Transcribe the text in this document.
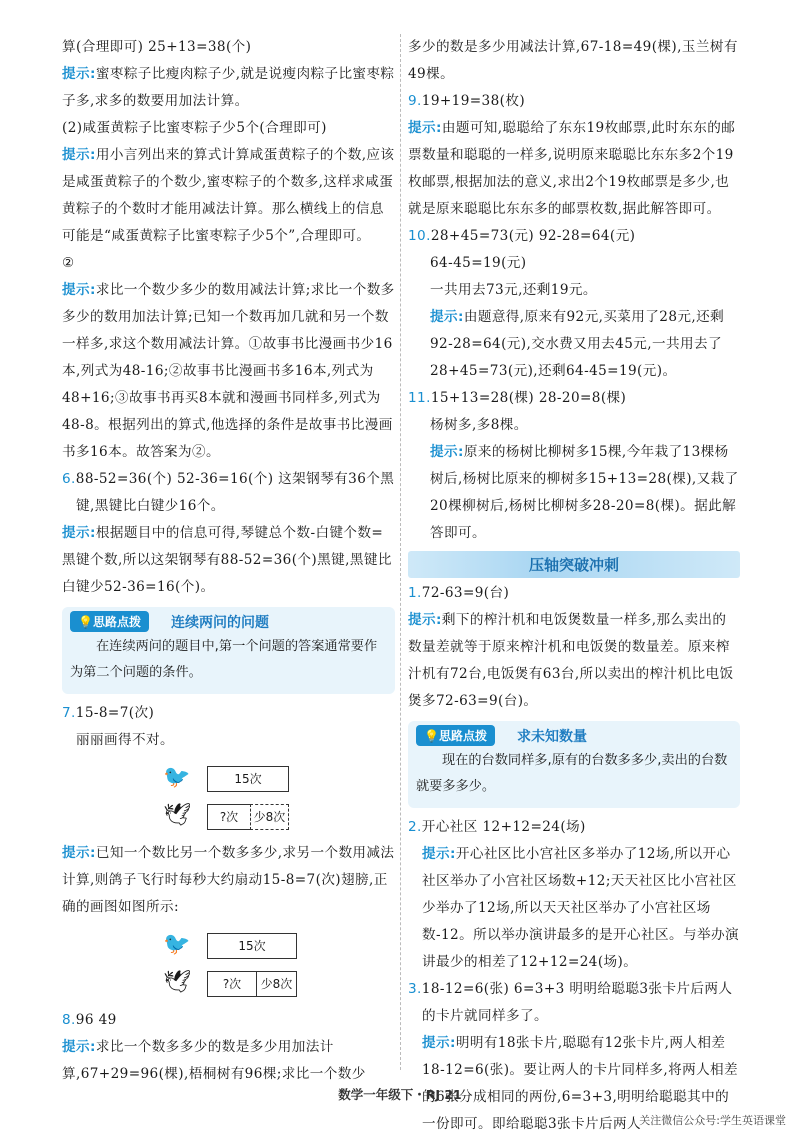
算(合理即可) 25+13=38(个)

提示:蜜枣粽子比瘦肉粽子少,就是说瘦肉粽子比蜜枣粽子多,求多的数要用加法计算。

(2)咸蛋黄粽子比蜜枣粽子少5个(合理即可)

提示:用小言列出来的算式计算咸蛋黄粽子的个数,应该是咸蛋黄粽子的个数少,蜜枣粽子的个数多,这样求咸蛋黄粽子的个数时才能用减法计算。那么横线上的信息可能是“咸蛋黄粽子比蜜枣粽子少5个”,合理即可。

②

提示:求比一个数少多少的数用减法计算;求比一个数多多少的数用加法计算;已知一个数再加几就和另一个数一样多,求这个数用减法计算。①故事书比漫画书少16本,列式为48-16;②故事书比漫画书多16本,列式为48+16;③故事书再买8本就和漫画书同样多,列式为48-8。根据列出的算式,他选择的条件是故事书比漫画书多16本。故答案为②。

6.88-52=36(个) 52-36=16(个) 这架钢琴有36个黑键,黑键比白键少16个。

提示:根据题目中的信息可得,琴键总个数-白键个数=黑键个数,所以这架钢琴有88-52=36(个)黑键,黑键比白键少52-36=16(个)。

💡思路点拨	连续两问的问题

在连续两问的题目中,第一个问题的答案通常要作为第二个问题的条件。

7.15-8=7(次)

丽丽画得不对。

🐦	15次
🕊	?次	少8次

提示:已知一个数比另一个数多多少,求另一个数用减法计算,则鸽子飞行时每秒大约扇动15-8=7(次)翅膀,正确的画图如图所示:

🐦	15次
🕊	?次	少8次

8.96 49

提示:求比一个数多多少的数是多少用加法计算,67+29=96(棵),梧桐树有96棵;求比一个数少

多少的数是多少用减法计算,67-18=49(棵),玉兰树有49棵。

9.19+19=38(枚)

提示:由题可知,聪聪给了东东19枚邮票,此时东东的邮票数量和聪聪的一样多,说明原来聪聪比东东多2个19枚邮票,根据加法的意义,求出2个19枚邮票是多少,也就是原来聪聪比东东多的邮票枚数,据此解答即可。

10.28+45=73(元) 92-28=64(元)

64-45=19(元)

一共用去73元,还剩19元。

提示:由题意得,原来有92元,买菜用了28元,还剩92-28=64(元),交水费又用去45元,一共用去了28+45=73(元),还剩64-45=19(元)。

11.15+13=28(棵) 28-20=8(棵)

杨树多,多8棵。

提示:原来的杨树比柳树多15棵,今年栽了13棵杨树后,杨树比原来的柳树多15+13=28(棵),又栽了20棵柳树后,杨树比柳树多28-20=8(棵)。据此解答即可。

压轴突破冲刺

1.72-63=9(台)

提示:剩下的榨汁机和电饭煲数量一样多,那么卖出的数量差就等于原来榨汁机和电饭煲的数量差。原来榨汁机有72台,电饭煲有63台,所以卖出的榨汁机比电饭煲多72-63=9(台)。

💡思路点拨	求未知数量

现在的台数同样多,原有的台数多多少,卖出的台数就要多多少。

2.开心社区 12+12=24(场)

提示:开心社区比小宫社区多举办了12场,所以开心社区举办了小宫社区场数+12;天天社区比小宫社区少举办了12场,所以天天社区举办了小宫社区场数-12。所以举办演讲最多的是开心社区。与举办演讲最少的相差了12+12=24(场)。

3.18-12=6(张) 6=3+3 明明给聪聪3张卡片后两人的卡片就同样多了。

提示:明明有18张卡片,聪聪有12张卡片,两人相差18-12=6(张)。要让两人的卡片同样多,将两人相差的6张分成相同的两份,6=3+3,明明给聪聪其中的一份即可。即给聪聪3张卡片后两人

数学一年级下・RJ 21
关注微信公众号:学生英语课堂
